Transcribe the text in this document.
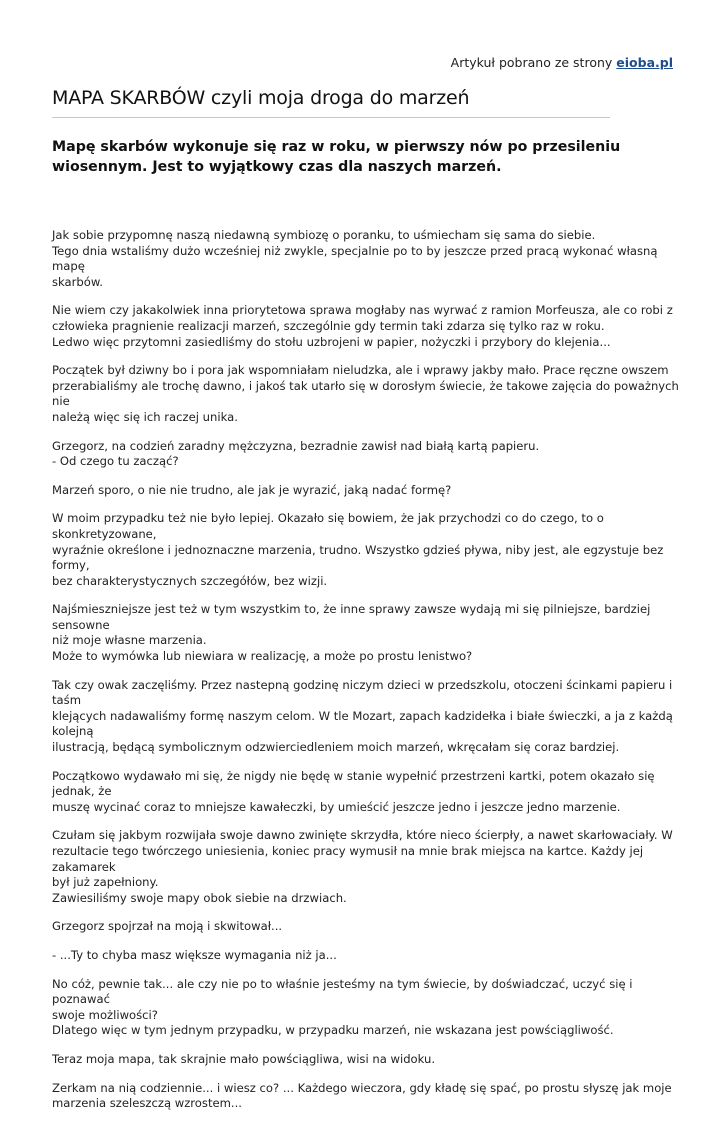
Artykuł pobrano ze strony eioba.pl
MAPA SKARBÓW czyli moja droga do marzeń
Mapę skarbów wykonuje się raz w roku, w pierwszy nów po przesileniu
wiosennym. Jest to wyjątkowy czas dla naszych marzeń.

Jak sobie przypomnę naszą niedawną symbiozę o poranku, to uśmiecham się sama do siebie.
Tego dnia wstaliśmy dużo wcześniej niż zwykle, specjalnie po to by jeszcze przed pracą wykonać własną mapę
skarbów.

Nie wiem czy jakakolwiek inna priorytetowa sprawa mogłaby nas wyrwać z ramion Morfeusza, ale co robi z
człowieka pragnienie realizacji marzeń, szczególnie gdy termin taki zdarza się tylko raz w roku.
Ledwo więc przytomni zasiedliśmy do stołu uzbrojeni w papier, nożyczki i przybory do klejenia...

Początek był dziwny bo i pora jak wspomniałam nieludzka, ale i wprawy jakby mało. Prace ręczne owszem
przerabialiśmy ale trochę dawno, i jakoś tak utarło się w dorosłym świecie, że takowe zajęcia do poważnych nie
należą więc się ich raczej unika.

Grzegorz, na codzień zaradny mężczyzna, bezradnie zawisł nad białą kartą papieru.
- Od czego tu zacząć?

Marzeń sporo, o nie nie trudno, ale jak je wyrazić, jaką nadać formę?

W moim przypadku też nie było lepiej. Okazało się bowiem, że jak przychodzi co do czego, to o skonkretyzowane,
wyraźnie określone i jednoznaczne marzenia, trudno. Wszystko gdzieś pływa, niby jest, ale egzystuje bez formy,
bez charakterystycznych szczegółów, bez wizji.

Najśmieszniejsze jest też w tym wszystkim to, że inne sprawy zawsze wydają mi się pilniejsze, bardziej sensowne
niż moje własne marzenia.
Może to wymówka lub niewiara w realizację, a może po prostu lenistwo?

Tak czy owak zaczęliśmy. Przez nastepną godzinę niczym dzieci w przedszkolu, otoczeni ścinkami papieru i taśm
klejących nadawaliśmy formę naszym celom. W tle Mozart, zapach kadzidełka i białe świeczki, a ja z każdą kolejną
ilustracją, będącą symbolicznym odzwierciedleniem moich marzeń, wkręcałam się coraz bardziej.

Początkowo wydawało mi się, że nigdy nie będę w stanie wypełnić przestrzeni kartki, potem okazało się jednak, że
muszę wycinać coraz to mniejsze kawałeczki, by umieścić jeszcze jedno i jeszcze jedno marzenie.

Czułam się jakbym rozwijała swoje dawno zwinięte skrzydła, które nieco ścierpły, a nawet skarłowaciały. W
rezultacie tego twórczego uniesienia, koniec pracy wymusił na mnie brak miejsca na kartce. Każdy jej zakamarek
był już zapełniony.
Zawiesiliśmy swoje mapy obok siebie na drzwiach.

Grzegorz spojrzał na moją i skwitował...

- ...Ty to chyba masz większe wymagania niż ja...

No cóż, pewnie tak... ale czy nie po to właśnie jesteśmy na tym świecie, by doświadczać, uczyć się i poznawać
swoje możliwości?
Dlatego więc w tym jednym przypadku, w przypadku marzeń, nie wskazana jest powściągliwość.

Teraz moja mapa, tak skrajnie mało powściągliwa, wisi na widoku.

Zerkam na nią codziennie... i wiesz co? ... Każdego wieczora, gdy kładę się spać, po prostu słyszę jak moje
marzenia szeleszczą wzrostem...
